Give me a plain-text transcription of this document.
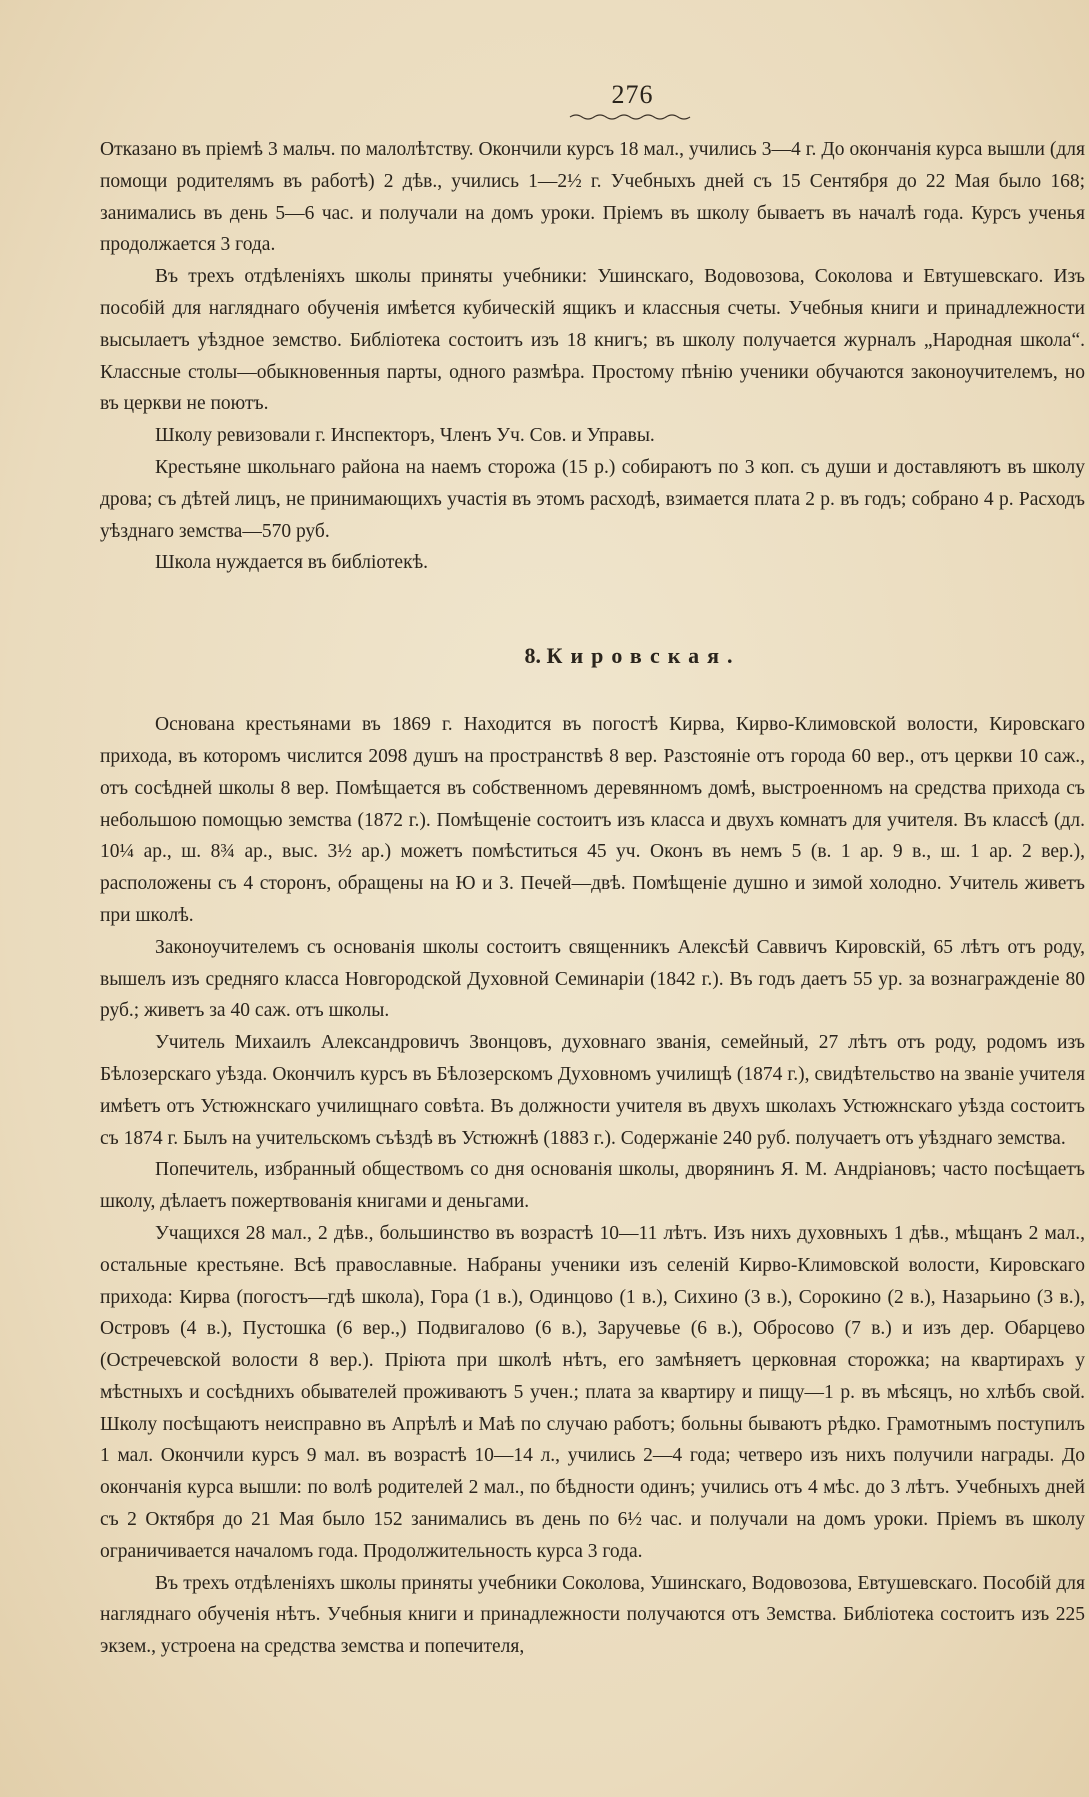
276

Отказано въ пріемѣ 3 мальч. по малолѣтству. Окончили курсъ 18 мал., учились 3—4 г. До окончанія курса вышли (для помощи родителямъ въ работѣ) 2 дѣв., учились 1—2½ г. Учебныхъ дней съ 15 Сентября до 22 Мая было 168; занимались въ день 5—6 час. и получали на домъ уроки. Пріемъ въ школу бываетъ въ началѣ года. Курсъ ученья продолжается 3 года.

Въ трехъ отдѣленіяхъ школы приняты учебники: Ушинскаго, Водовозова, Соколова и Евтушевскаго. Изъ пособій для нагляднаго обученія имѣется кубическій ящикъ и классныя счеты. Учебныя книги и принадлежности высылаетъ уѣздное земство. Библіотека состоитъ изъ 18 книгъ; въ школу получается журналъ „Народная школа“. Классные столы—обыкновенныя парты, одного размѣра. Простому пѣнію ученики обучаются законоучителемъ, но въ церкви не поютъ.

Школу ревизовали г. Инспекторъ, Членъ Уч. Сов. и Управы.

Крестьяне школьнаго района на наемъ сторожа (15 р.) собираютъ по 3 коп. съ души и доставляютъ въ школу дрова; съ дѣтей лицъ, не принимающихъ участія въ этомъ расходѣ, взимается плата 2 р. въ годъ; собрано 4 р. Расходъ уѣзднаго земства—570 руб.

Школа нуждается въ библіотекѣ.

8. Кировская.

Основана крестьянами въ 1869 г. Находится въ погостѣ Кирва, Кирво-Климовской волости, Кировскаго прихода, въ которомъ числится 2098 душъ на пространствѣ 8 вер. Разстояніе отъ города 60 вер., отъ церкви 10 саж., отъ сосѣдней школы 8 вер. Помѣщается въ собственномъ деревянномъ домѣ, выстроенномъ на средства прихода съ небольшою помощью земства (1872 г.). Помѣщеніе состоитъ изъ класса и двухъ комнатъ для учителя. Въ классѣ (дл. 10¼ ар., ш. 8¾ ар., выс. 3½ ар.) можетъ помѣститься 45 уч. Оконъ въ немъ 5 (в. 1 ар. 9 в., ш. 1 ар. 2 вер.), расположены съ 4 сторонъ, обращены на Ю и З. Печей—двѣ. Помѣщеніе душно и зимой холодно. Учитель живетъ при школѣ.

Законоучителемъ съ основанія школы состоитъ священникъ Алексѣй Саввичъ Кировскій, 65 лѣтъ отъ роду, вышелъ изъ средняго класса Новгородской Духовной Семинаріи (1842 г.). Въ годъ даетъ 55 ур. за вознагражденіе 80 руб.; живетъ за 40 саж. отъ школы.

Учитель Михаилъ Александровичъ Звонцовъ, духовнаго званія, семейный, 27 лѣтъ отъ роду, родомъ изъ Бѣлозерскаго уѣзда. Окончилъ курсъ въ Бѣлозерскомъ Духовномъ училищѣ (1874 г.), свидѣтельство на званіе учителя имѣетъ отъ Устюжнскаго училищнаго совѣта. Въ должности учителя въ двухъ школахъ Устюжнскаго уѣзда состоитъ съ 1874 г. Былъ на учительскомъ съѣздѣ въ Устюжнѣ (1883 г.). Содержаніе 240 руб. получаетъ отъ уѣзднаго земства.

Попечитель, избранный обществомъ со дня основанія школы, дворянинъ Я. М. Андріановъ; часто посѣщаетъ школу, дѣлаетъ пожертвованія книгами и деньгами.

Учащихся 28 мал., 2 дѣв., большинство въ возрастѣ 10—11 лѣтъ. Изъ нихъ духовныхъ 1 дѣв., мѣщанъ 2 мал., остальные крестьяне. Всѣ православные. Набраны ученики изъ селеній Кирво-Климовской волости, Кировскаго прихода: Кирва (погостъ—гдѣ школа), Гора (1 в.), Одинцово (1 в.), Сихино (3 в.), Сорокино (2 в.), Назарьино (3 в.), Островъ (4 в.), Пустошка (6 вер.,) Подвигалово (6 в.), Заручевье (6 в.), Обросово (7 в.) и изъ дер. Обарцево (Остречевской волости 8 вер.). Пріюта при школѣ нѣтъ, его замѣняетъ церковная сторожка; на квартирахъ у мѣстныхъ и сосѣднихъ обывателей проживаютъ 5 учен.; плата за квартиру и пищу—1 р. въ мѣсяцъ, но хлѣбъ свой. Школу посѣщаютъ неисправно въ Апрѣлѣ и Маѣ по случаю работъ; больны бываютъ рѣдко. Грамотнымъ поступилъ 1 мал. Окончили курсъ 9 мал. въ возрастѣ 10—14 л., учились 2—4 года; четверо изъ нихъ получили награды. До окончанія курса вышли: по волѣ родителей 2 мал., по бѣдности одинъ; учились отъ 4 мѣс. до 3 лѣтъ. Учебныхъ дней съ 2 Октября до 21 Мая было 152 занимались въ день по 6½ час. и получали на домъ уроки. Пріемъ въ школу ограничивается началомъ года. Продолжительность курса 3 года.

Въ трехъ отдѣленіяхъ школы приняты учебники Соколова, Ушинскаго, Водовозова, Евтушевскаго. Пособій для нагляднаго обученія нѣтъ. Учебныя книги и принадлежности получаются отъ Земства. Библіотека состоитъ изъ 225 экзем., устроена на средства земства и попечителя,
